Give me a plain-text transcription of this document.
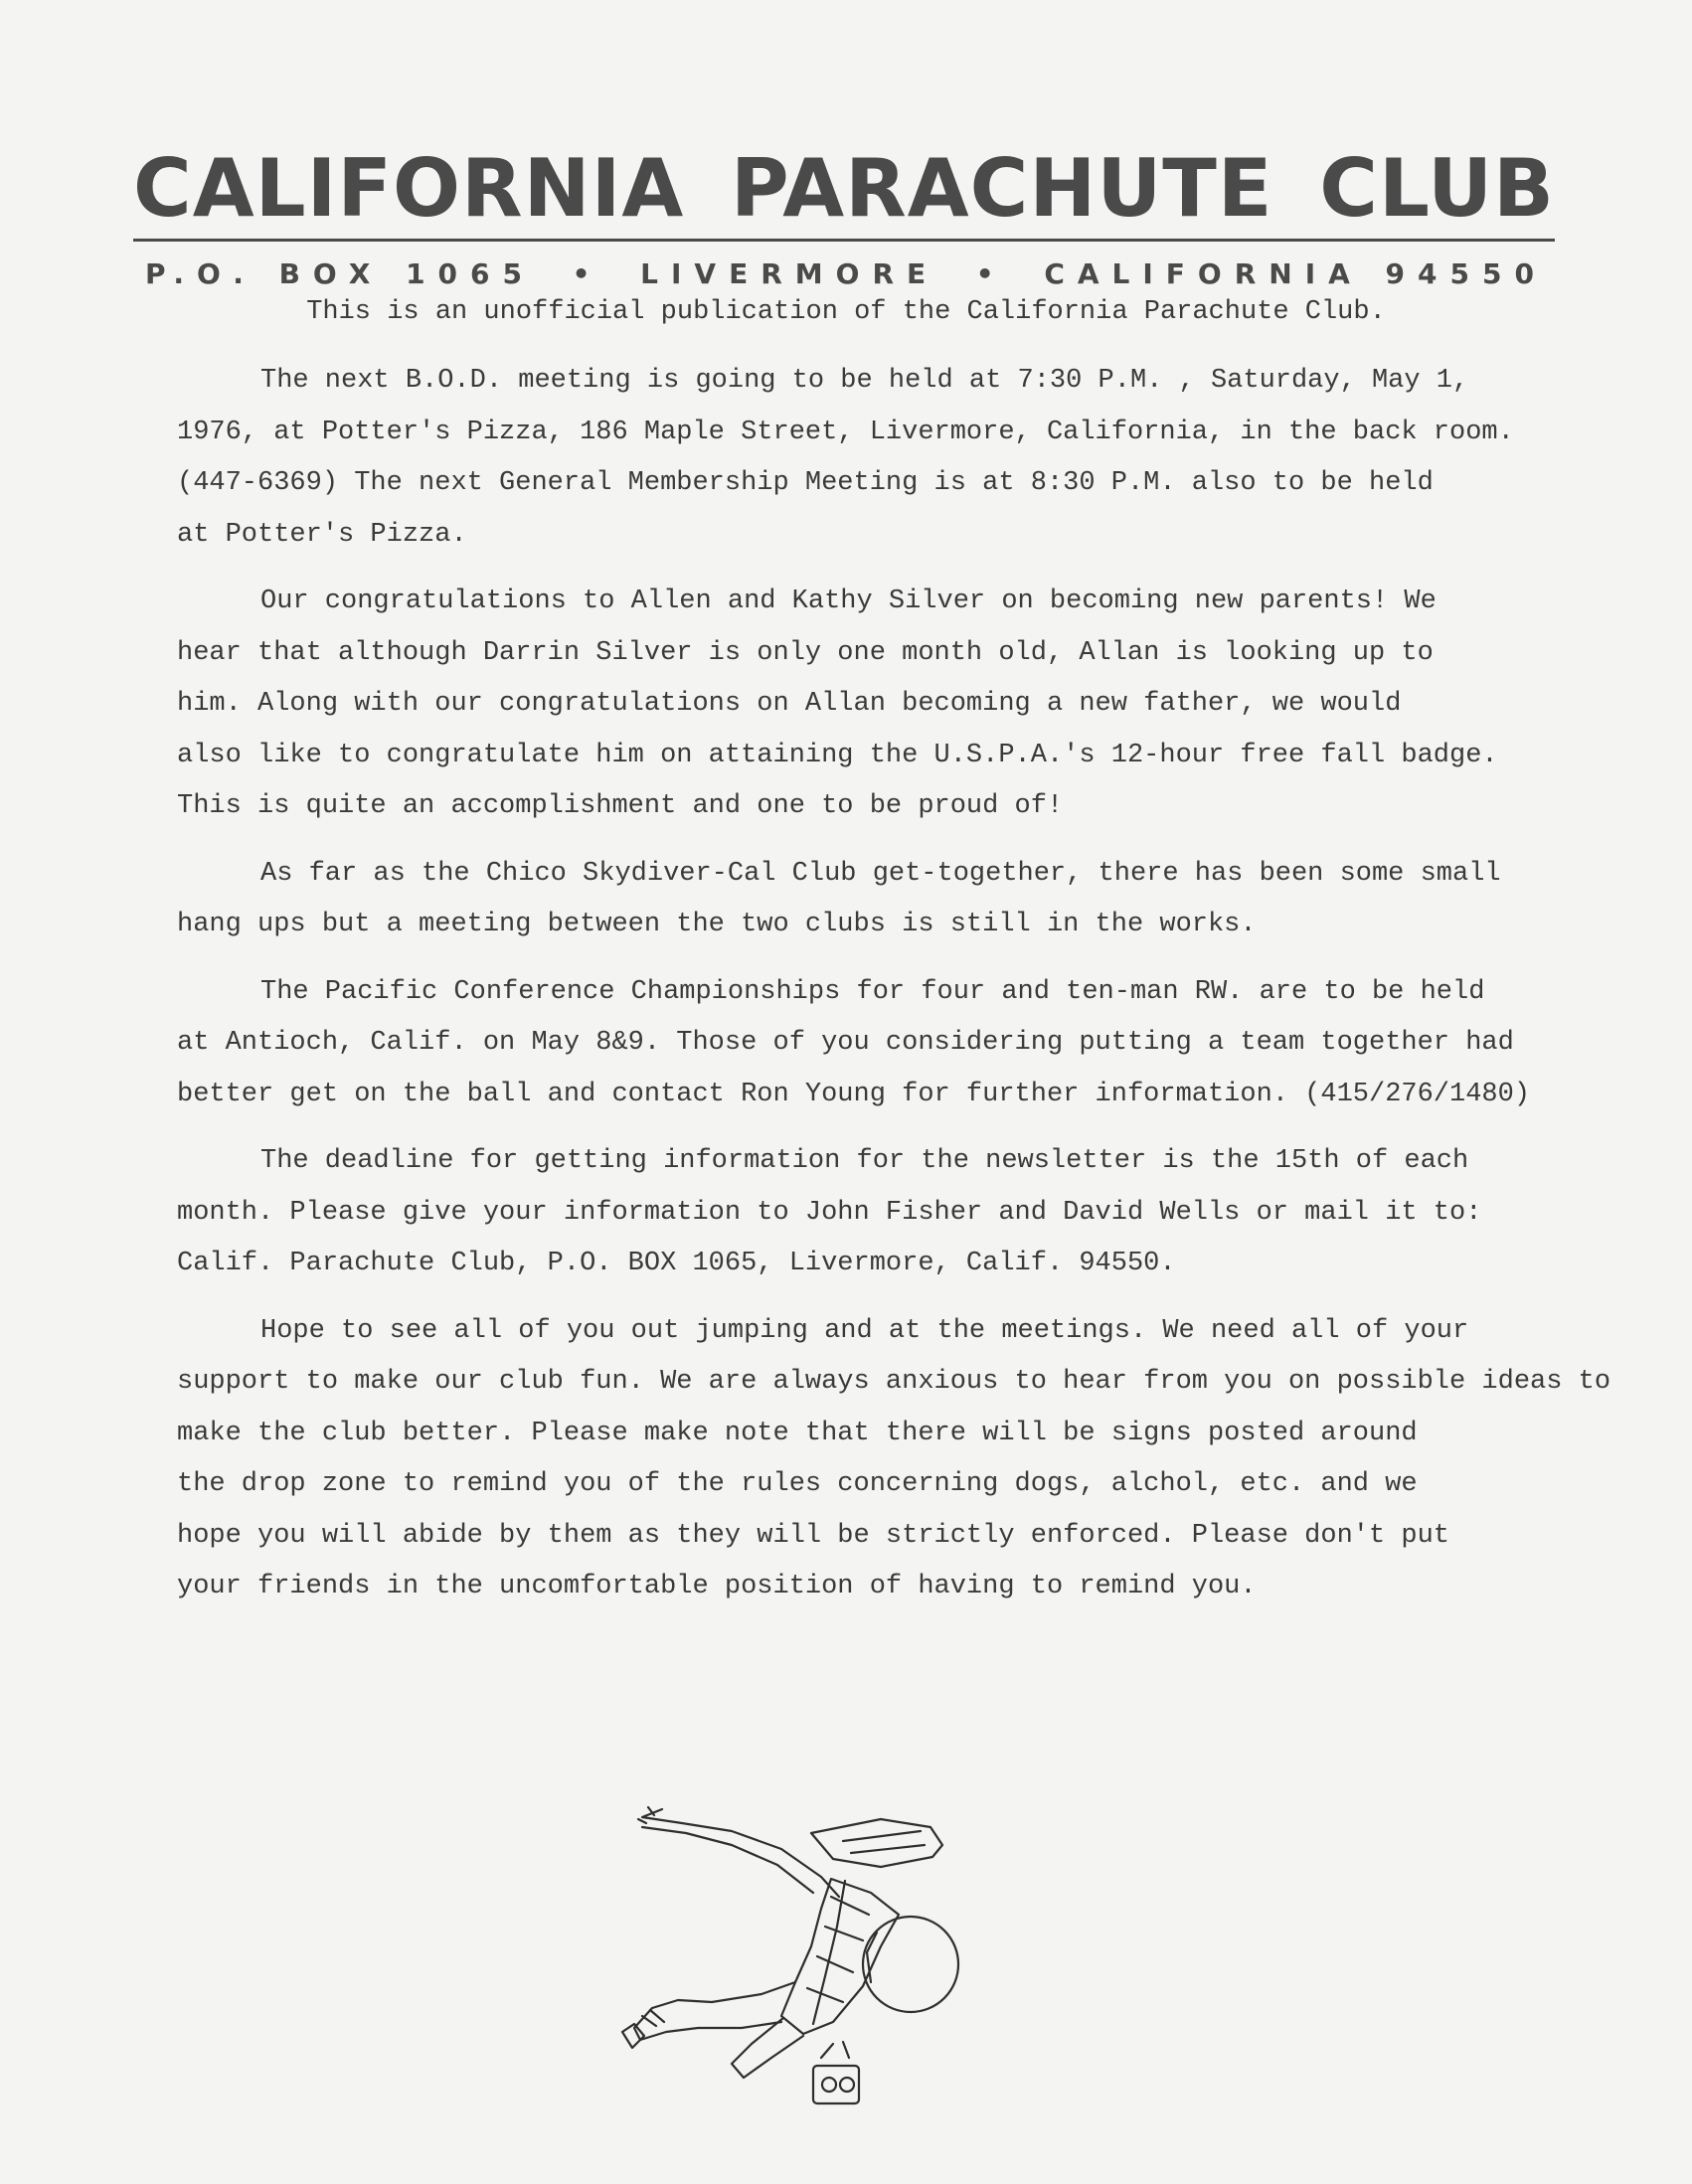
CALIFORNIA PARACHUTE CLUB
P.O. BOX 1065 • LIVERMORE • CALIFORNIA 94550
This is an unofficial publication of the California Parachute Club.

The next B.O.D. meeting is going to be held at 7:30 P.M. , Saturday, May 1,
1976, at Potter's Pizza, 186 Maple Street, Livermore, California, in the back room.
(447-6369) The next General Membership Meeting is at 8:30 P.M. also to be held
at Potter's Pizza.

Our congratulations to Allen and Kathy Silver on becoming new parents! We
hear that although Darrin Silver is only one month old, Allan is looking up to
him. Along with our congratulations on Allan becoming a new father, we would
also like to congratulate him on attaining the U.S.P.A.'s 12-hour free fall badge.
This is quite an accomplishment and one to be proud of!

As far as the Chico Skydiver-Cal Club get-together, there has been some small
hang ups but a meeting between the two clubs is still in the works.

The Pacific Conference Championships for four and ten-man RW. are to be held
at Antioch, Calif. on May 8&9. Those of you considering putting a team together had
better get on the ball and contact Ron Young for further information. (415/276/1480)

The deadline for getting information for the newsletter is the 15th of each
month. Please give your information to John Fisher and David Wells or mail it to:
Calif. Parachute Club, P.O. BOX 1065, Livermore, Calif. 94550.

Hope to see all of you out jumping and at the meetings. We need all of your
support to make our club fun. We are always anxious to hear from you on possible ideas to
make the club better. Please make note that there will be signs posted around
the drop zone to remind you of the rules concerning dogs, alchol, etc. and we
hope you will abide by them as they will be strictly enforced. Please don't put
your friends in the uncomfortable position of having to remind you.
